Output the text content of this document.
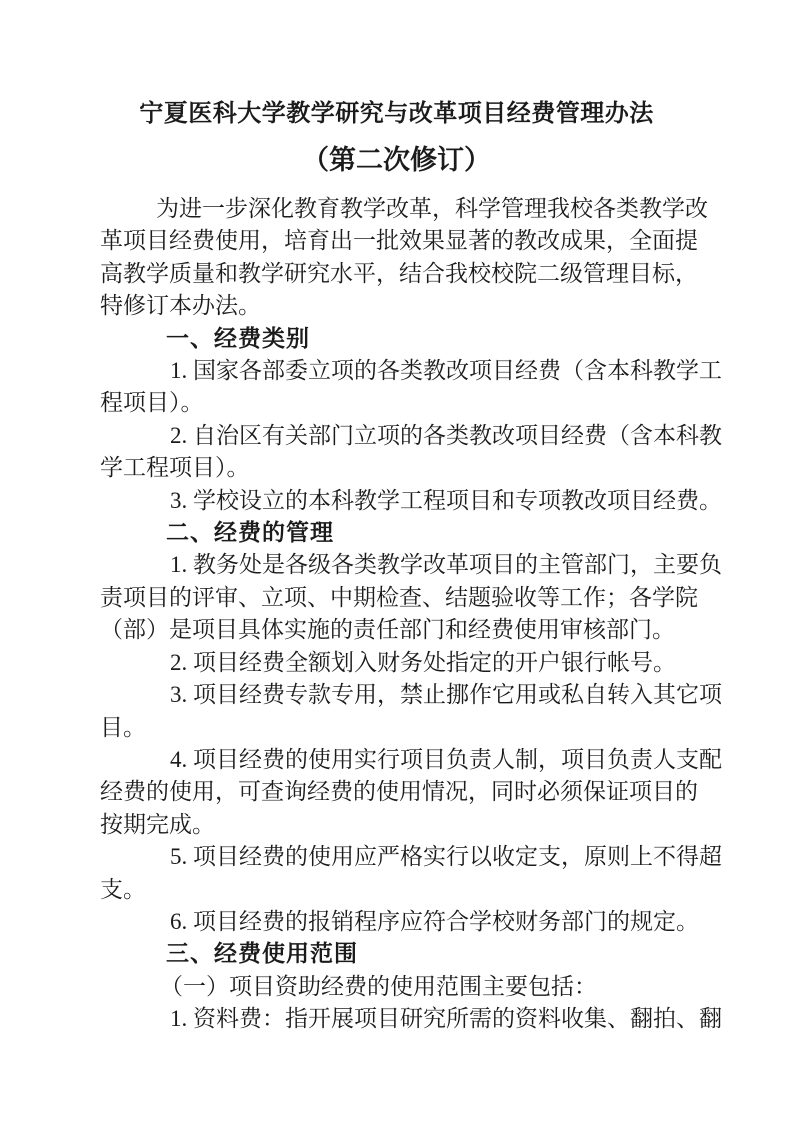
宁夏医科大学教学研究与改革项目经费管理办法
（第二次修订）
为进一步深化教育教学改革，科学管理我校各类教学改
革项目经费使用，培育出一批效果显著的教改成果，全面提
高教学质量和教学研究水平，结合我校校院二级管理目标，
特修订本办法。
一、经费类别
1. 国家各部委立项的各类教改项目经费（含本科教学工
程项目）。
2. 自治区有关部门立项的各类教改项目经费（含本科教
学工程项目）。
3. 学校设立的本科教学工程项目和专项教改项目经费。
二、经费的管理
1. 教务处是各级各类教学改革项目的主管部门，主要负
责项目的评审、立项、中期检查、结题验收等工作；各学院
（部）是项目具体实施的责任部门和经费使用审核部门。
2. 项目经费全额划入财务处指定的开户银行帐号。
3. 项目经费专款专用，禁止挪作它用或私自转入其它项
目。
4. 项目经费的使用实行项目负责人制，项目负责人支配
经费的使用，可查询经费的使用情况，同时必须保证项目的
按期完成。
5. 项目经费的使用应严格实行以收定支，原则上不得超
支。
6. 项目经费的报销程序应符合学校财务部门的规定。
三、经费使用范围
（一）项目资助经费的使用范围主要包括：
1. 资料费：指开展项目研究所需的资料收集、翻拍、翻
